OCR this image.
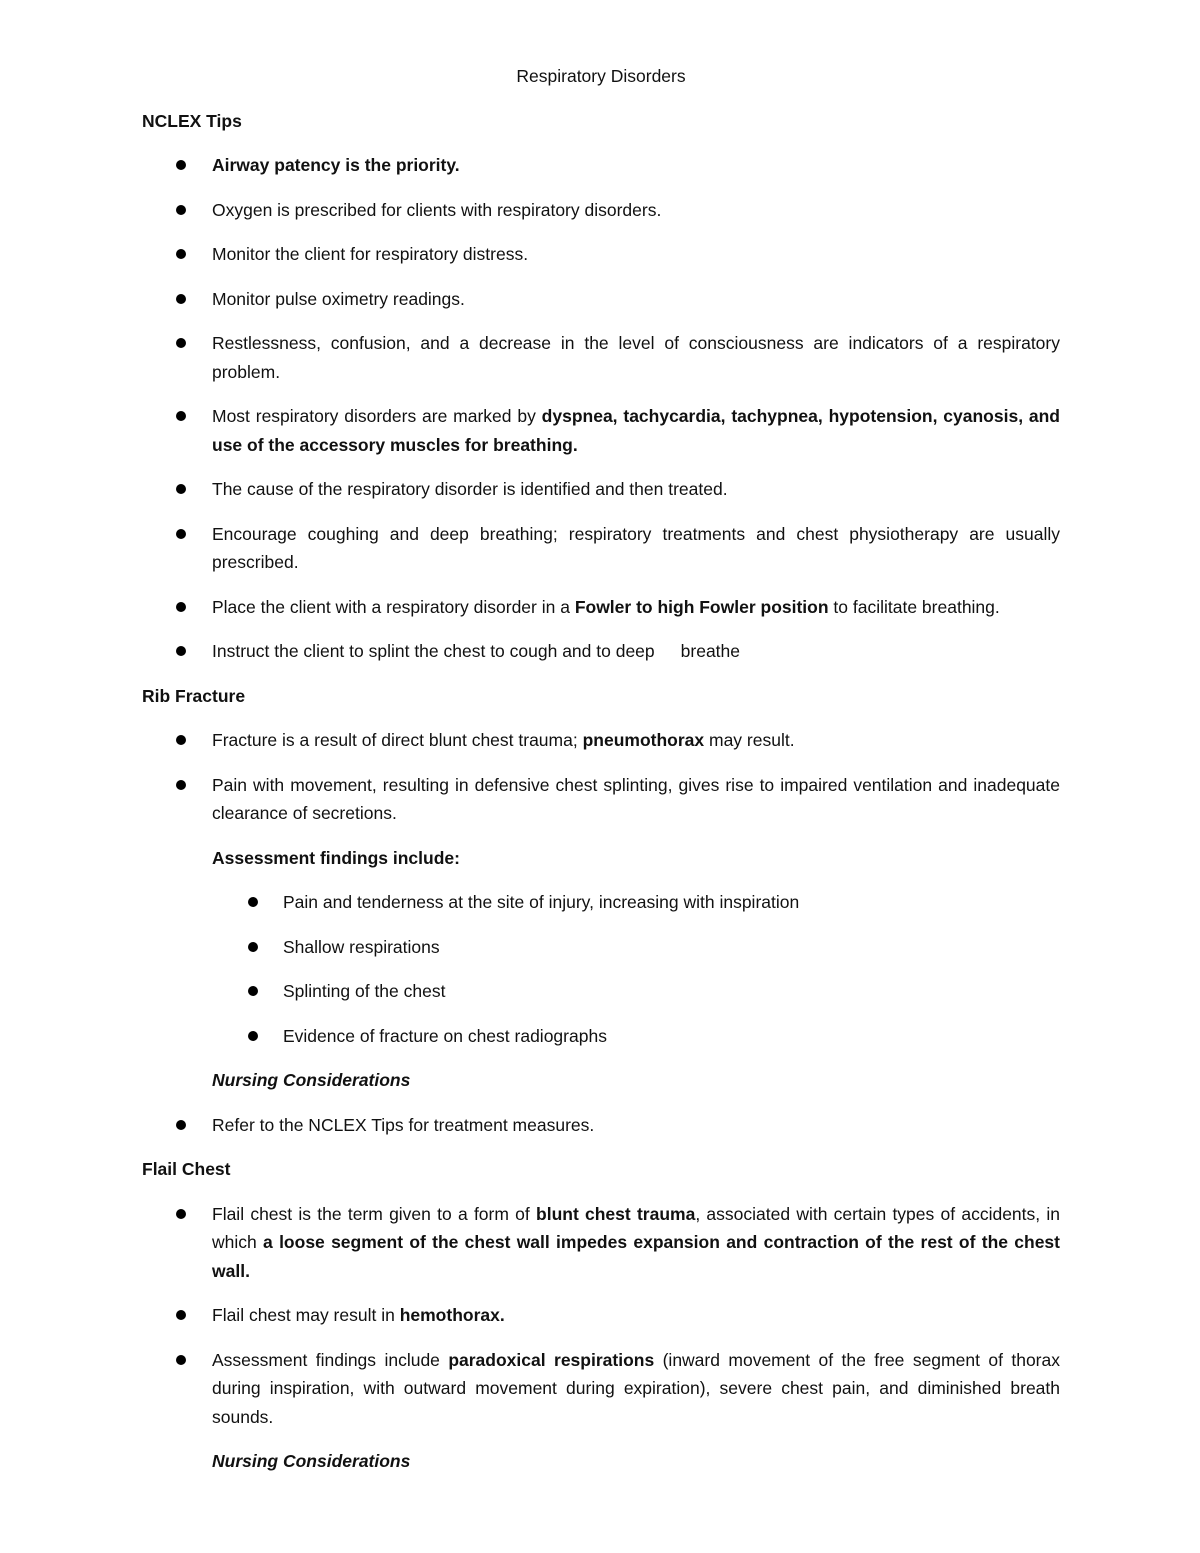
Respiratory Disorders
NCLEX Tips
Airway patency is the priority.
Oxygen is prescribed for clients with respiratory disorders.
Monitor the client for respiratory distress.
Monitor pulse oximetry readings.
Restlessness, confusion, and a decrease in the level of consciousness are indicators of a respiratory problem.
Most respiratory disorders are marked by dyspnea, tachycardia, tachypnea, hypotension, cyanosis, and use of the accessory muscles for breathing.
The cause of the respiratory disorder is identified and then treated.
Encourage coughing and deep breathing; respiratory treatments and chest physiotherapy are usually prescribed.
Place the client with a respiratory disorder in a Fowler to high Fowler position to facilitate breathing.
Instruct the client to splint the chest to cough and to deep breathe
Rib Fracture
Fracture is a result of direct blunt chest trauma; pneumothorax may result.
Pain with movement, resulting in defensive chest splinting, gives rise to impaired ventilation and inadequate clearance of secretions.
Assessment findings include:
Pain and tenderness at the site of injury, increasing with inspiration
Shallow respirations
Splinting of the chest
Evidence of fracture on chest radiographs
Nursing Considerations
Refer to the NCLEX Tips for treatment measures.
Flail Chest
Flail chest is the term given to a form of blunt chest trauma, associated with certain types of accidents, in which a loose segment of the chest wall impedes expansion and contraction of the rest of the chest wall.
Flail chest may result in hemothorax.
Assessment findings include paradoxical respirations (inward movement of the free segment of thorax during inspiration, with outward movement during expiration), severe chest pain, and diminished breath sounds.
Nursing Considerations
